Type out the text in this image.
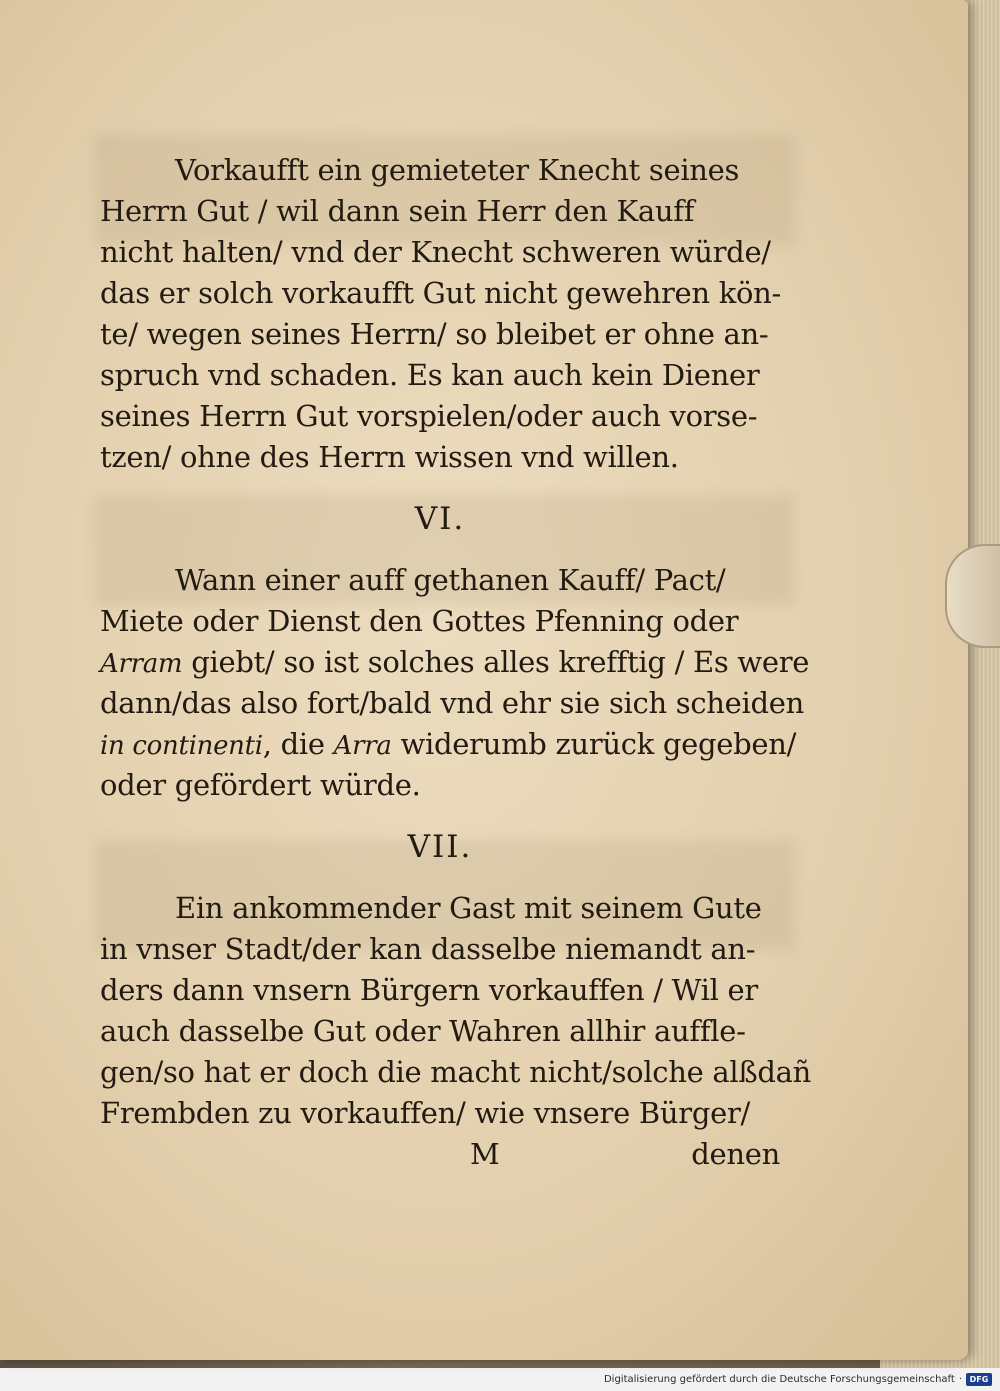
Vorkaufft ein gemieteter Knecht seines
Herrn Gut / wil dann sein Herr den Kauff
nicht halten/ vnd der Knecht schweren würde/
das er solch vorkaufft Gut nicht gewehren kön-
te/ wegen seines Herrn/ so bleibet er ohne an-
spruch vnd schaden. Es kan auch kein Diener
seines Herrn Gut vorspielen/oder auch vorse-
tzen/ ohne des Herrn wissen vnd willen.
VI.
Wann einer auff gethanen Kauff/ Pact/
Miete oder Dienst den Gottes Pfenning oder
Arram giebt/ so ist solches alles krefftig / Es were
dann/das also fort/bald vnd ehr sie sich scheiden
in continenti, die Arra widerumb zurück gegeben/
oder gefördert würde.
VII.
Ein ankommender Gast mit seinem Gute
in vnser Stadt/der kan dasselbe niemandt an-
ders dann vnsern Bürgern vorkauffen / Wil er
auch dasselbe Gut oder Wahren allhir auffle-
gen/so hat er doch die macht nicht/solche alßdañ
Frembden zu vorkauffen/ wie vnsere Bürger/
M	denen
Digitalisierung gefördert durch die Deutsche Forschungsgemeinschaft · DFG
